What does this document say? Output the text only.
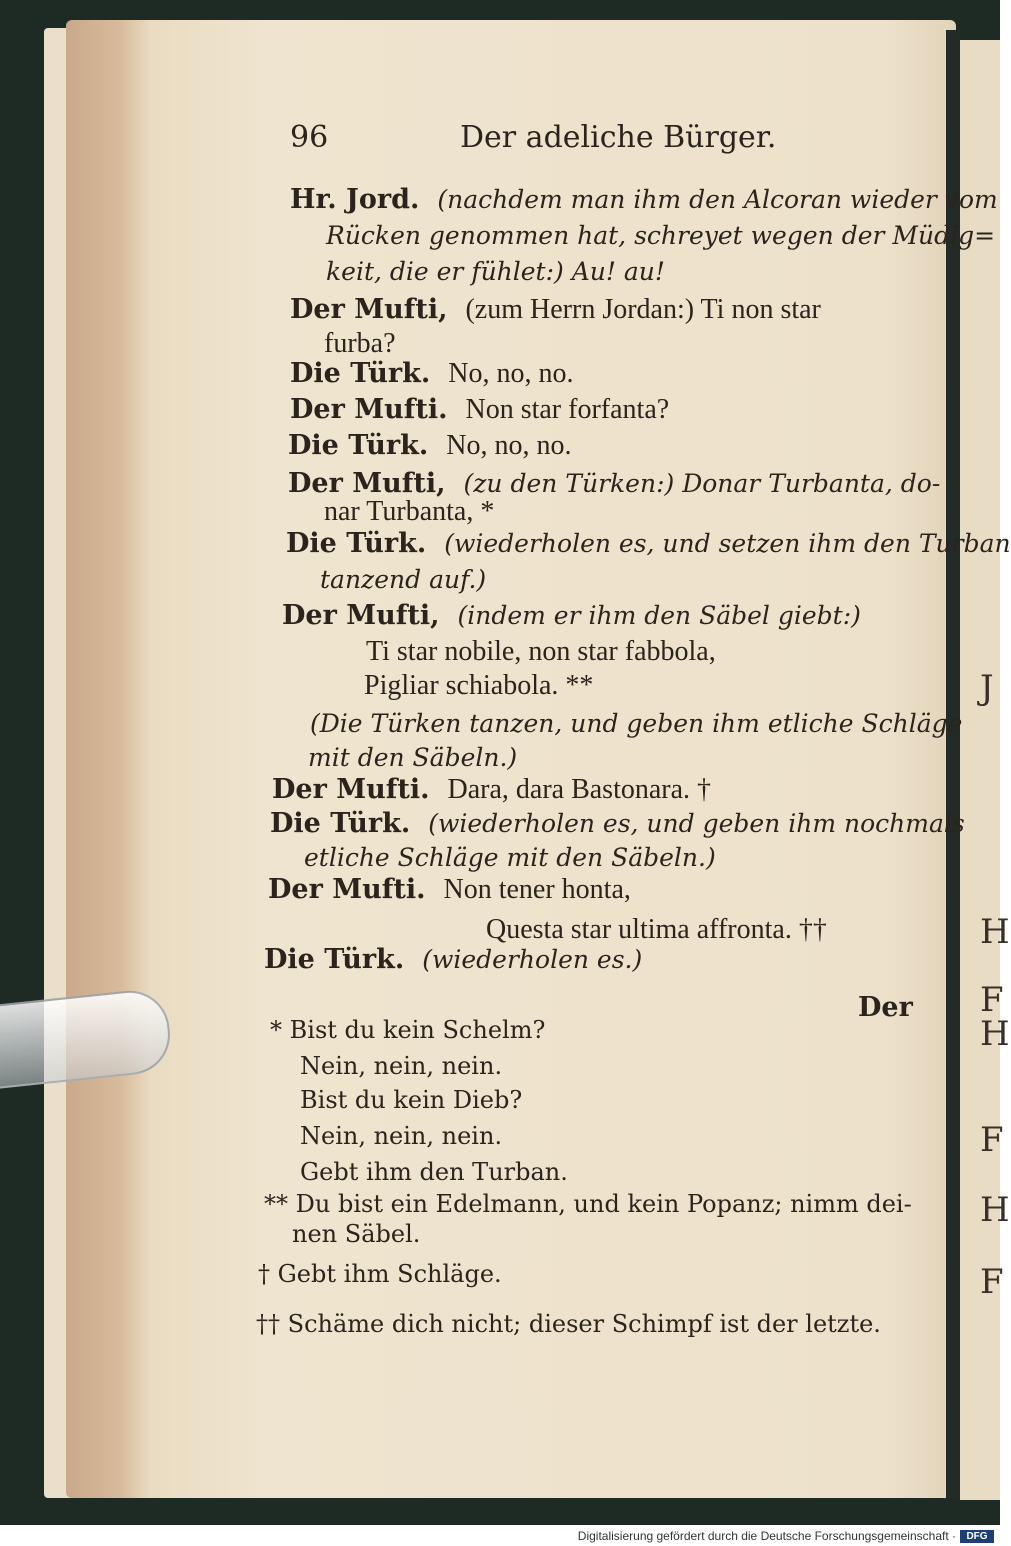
J
H
F
H
F
H
F
96	Der adeliche Bürger.
Hr. Jord. (nachdem man ihm den Alcoran wieder vom
Rücken genommen hat, schreyet wegen der Müdig=
keit, die er fühlet:) Au! au!
Der Mufti, (zum Herrn Jordan:) Ti non star
furba?
Die Türk. No, no, no.
Der Mufti. Non star forfanta?
Die Türk. No, no, no.
Der Mufti, (zu den Türken:) Donar Turbanta, do-
nar Turbanta, *
Die Türk. (wiederholen es, und setzen ihm den Turban
tanzend auf.)
Der Mufti, (indem er ihm den Säbel giebt:)
Ti star nobile, non star fabbola,
Pigliar schiabola. **
(Die Türken tanzen, und geben ihm etliche Schläge
mit den Säbeln.)
Der Mufti. Dara, dara Bastonara. †
Die Türk. (wiederholen es, und geben ihm nochmals
etliche Schläge mit den Säbeln.)
Der Mufti. Non tener honta,
Questa star ultima affronta. ††
Die Türk. (wiederholen es.)
Der
* Bist du kein Schelm?
Nein, nein, nein.
Bist du kein Dieb?
Nein, nein, nein.
Gebt ihm den Turban.
** Du bist ein Edelmann, und kein Popanz; nimm dei-
nen Säbel.
† Gebt ihm Schläge.
†† Schäme dich nicht; dieser Schimpf ist der letzte.
Digitalisierung gefördert durch die Deutsche Forschungsgemeinschaft ·	DFG
